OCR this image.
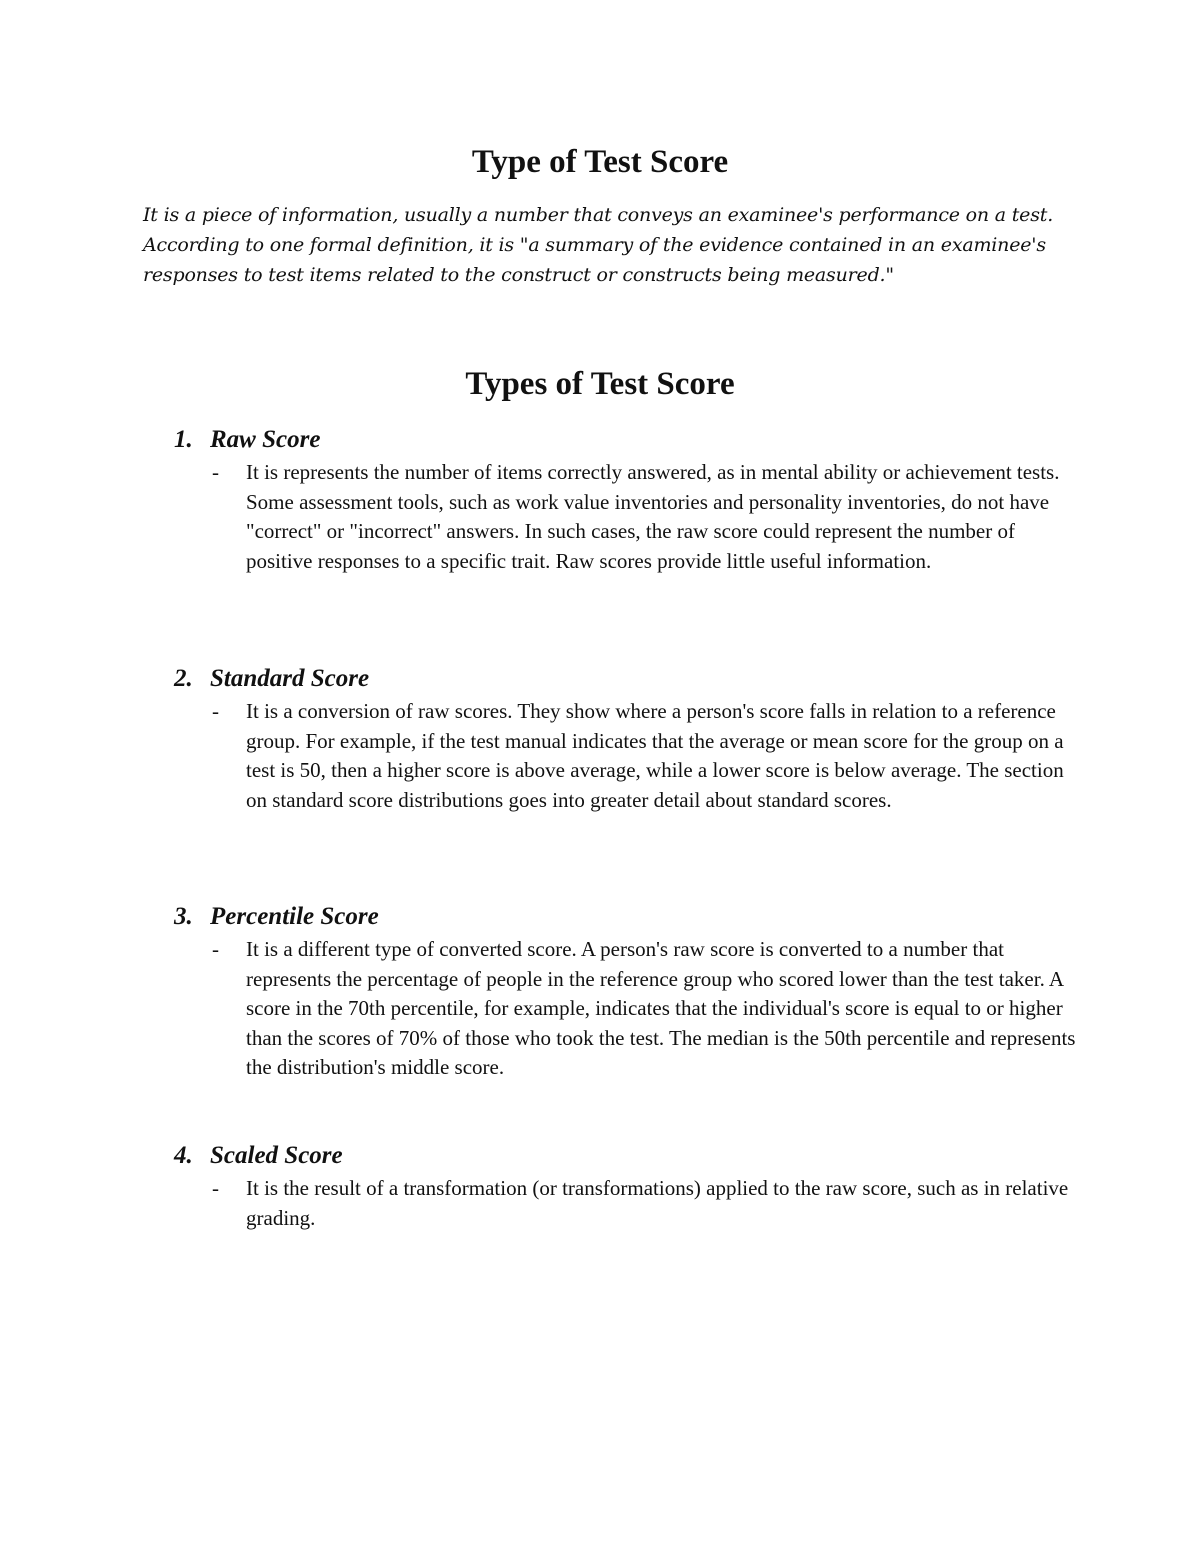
Type of Test Score

It is a piece of information, usually a number that conveys an examinee's performance on a test. According to one formal definition, it is "a summary of the evidence contained in an examinee's responses to test items related to the construct or constructs being measured."

Types of Test Score
1. Raw Score
- It is represents the number of items correctly answered, as in mental ability or achievement tests. Some assessment tools, such as work value inventories and personality inventories, do not have "correct" or "incorrect" answers. In such cases, the raw score could represent the number of positive responses to a specific trait. Raw scores provide little useful information.
2. Standard Score
- It is a conversion of raw scores. They show where a person's score falls in relation to a reference group. For example, if the test manual indicates that the average or mean score for the group on a test is 50, then a higher score is above average, while a lower score is below average. The section on standard score distributions goes into greater detail about standard scores.
3. Percentile Score
- It is a different type of converted score. A person's raw score is converted to a number that represents the percentage of people in the reference group who scored lower than the test taker. A score in the 70th percentile, for example, indicates that the individual's score is equal to or higher than the scores of 70% of those who took the test. The median is the 50th percentile and represents the distribution's middle score.
4. Scaled Score
- It is the result of a transformation (or transformations) applied to the raw score, such as in relative grading.
